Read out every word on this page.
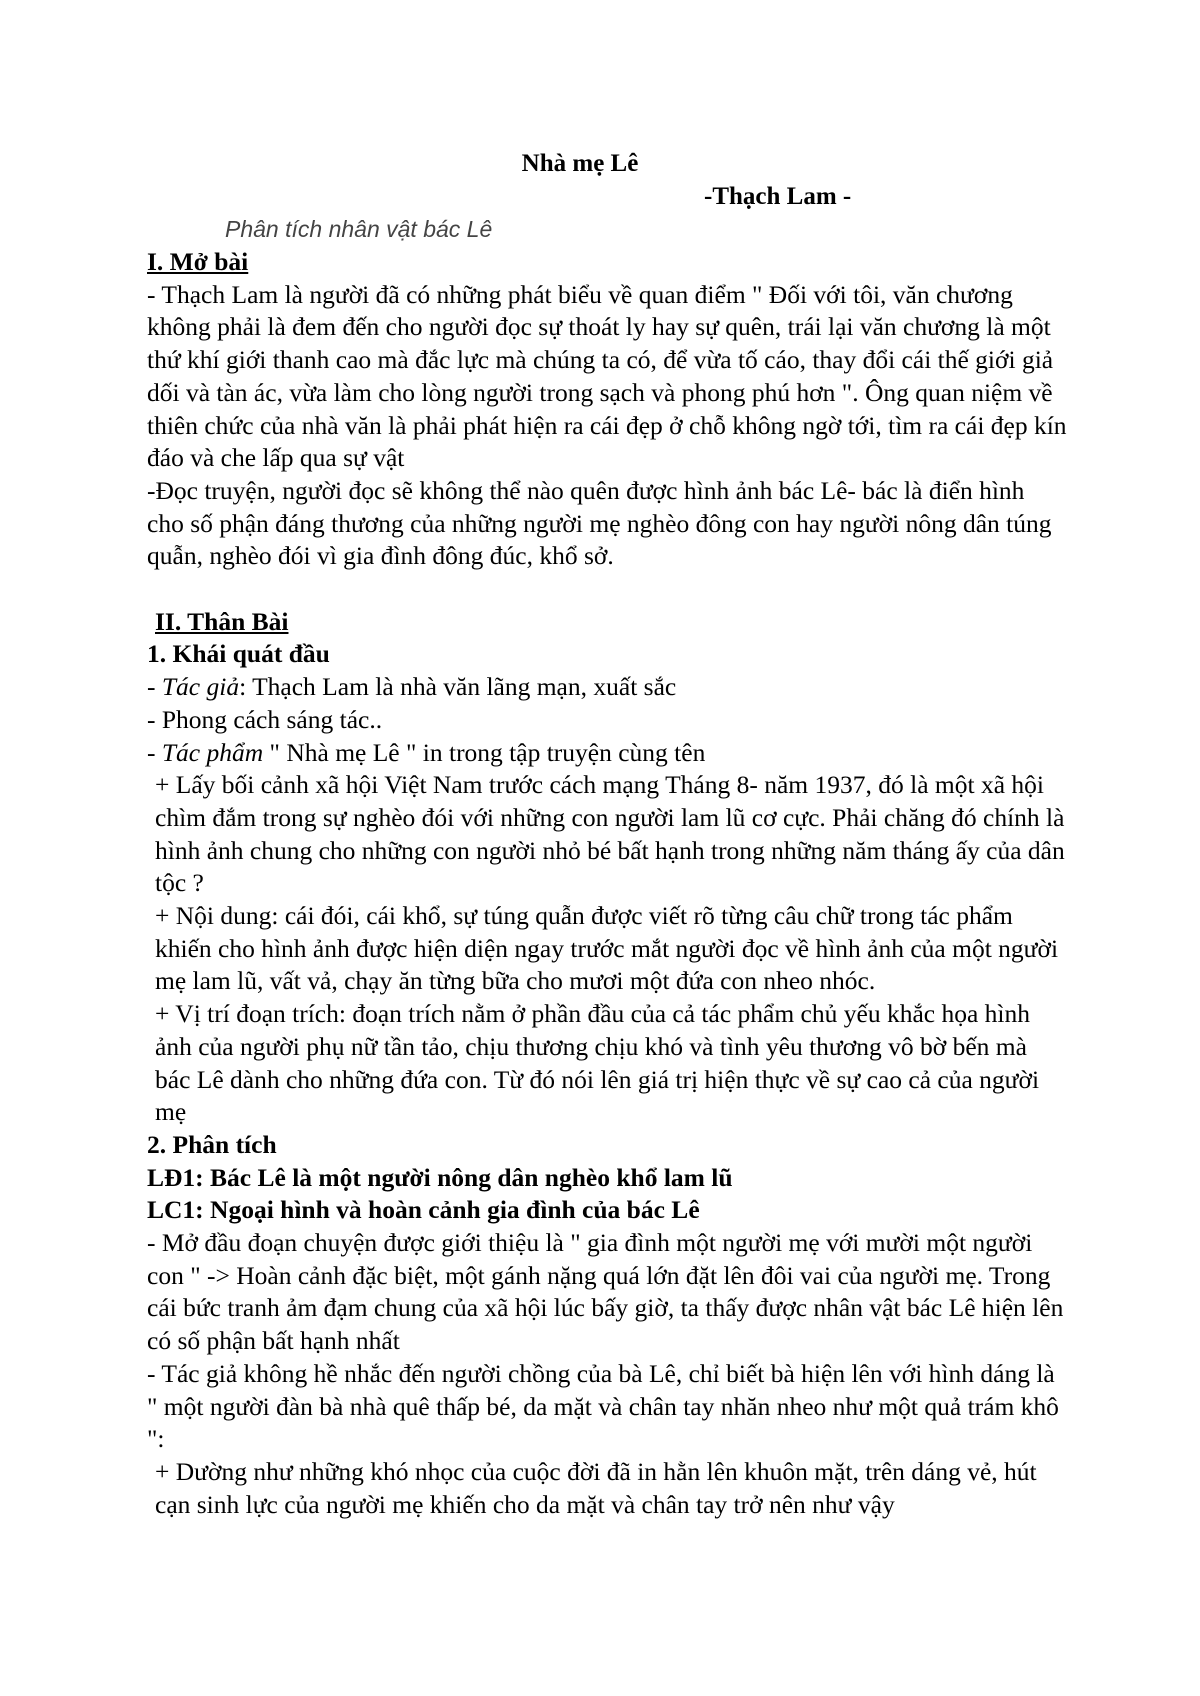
Nhà mẹ Lê
-Thạch Lam -
Phân tích nhân vật bác Lê

I. Mở bài

- Thạch Lam là người đã có những phát biểu về quan điểm " Đối với tôi, văn chương không phải là đem đến cho người đọc sự thoát ly hay sự quên, trái lại văn chương là một thứ khí giới thanh cao mà đắc lực mà chúng ta có, để vừa tố cáo, thay đổi cái thế giới giả dối và tàn ác, vừa làm cho lòng người trong sạch và phong phú hơn ". Ông quan niệm về thiên chức của nhà văn là phải phát hiện ra cái đẹp ở chỗ không ngờ tới, tìm ra cái đẹp kín đáo và che lấp qua sự vật

-Đọc truyện, người đọc sẽ không thể nào quên được hình ảnh bác Lê- bác là điển hình cho số phận đáng thương của những người mẹ nghèo đông con hay người nông dân túng quẫn, nghèo đói vì gia đình đông đúc, khổ sở.

II. Thân Bài

1. Khái quát đầu

- Tác giả: Thạch Lam là nhà văn lãng mạn, xuất sắc

- Phong cách sáng tác..

- Tác phẩm " Nhà mẹ Lê " in trong tập truyện cùng tên

+ Lấy bối cảnh xã hội Việt Nam trước cách mạng Tháng 8- năm 1937, đó là một xã hội chìm đắm trong sự nghèo đói với những con người lam lũ cơ cực. Phải chăng đó chính là hình ảnh chung cho những con người nhỏ bé bất hạnh trong những năm tháng ấy của dân tộc ?

+ Nội dung: cái đói, cái khổ, sự túng quẫn được viết rõ từng câu chữ trong tác phẩm khiến cho hình ảnh được hiện diện ngay trước mắt người đọc về hình ảnh của một người mẹ lam lũ, vất vả, chạy ăn từng bữa cho mươi một đứa con nheo nhóc.

+ Vị trí đoạn trích: đoạn trích nằm ở phần đầu của cả tác phẩm chủ yếu khắc họa hình ảnh của người phụ nữ tần tảo, chịu thương chịu khó và tình yêu thương vô bờ bến mà bác Lê dành cho những đứa con. Từ đó nói lên giá trị hiện thực về sự cao cả của người mẹ

2. Phân tích

LĐ1: Bác Lê là một người nông dân nghèo khổ lam lũ

LC1: Ngoại hình và hoàn cảnh gia đình của bác Lê

- Mở đầu đoạn chuyện được giới thiệu là " gia đình một người mẹ với mười một người con " -> Hoàn cảnh đặc biệt, một gánh nặng quá lớn đặt lên đôi vai của người mẹ. Trong cái bức tranh ảm đạm chung của xã hội lúc bấy giờ, ta thấy được nhân vật bác Lê hiện lên có số phận bất hạnh nhất

- Tác giả không hề nhắc đến người chồng của bà Lê, chỉ biết bà hiện lên với hình dáng là " một người đàn bà nhà quê thấp bé, da mặt và chân tay nhăn nheo như một quả trám khô ":

+ Dường như những khó nhọc của cuộc đời đã in hằn lên khuôn mặt, trên dáng vẻ, hút cạn sinh lực của người mẹ khiến cho da mặt và chân tay trở nên như vậy
